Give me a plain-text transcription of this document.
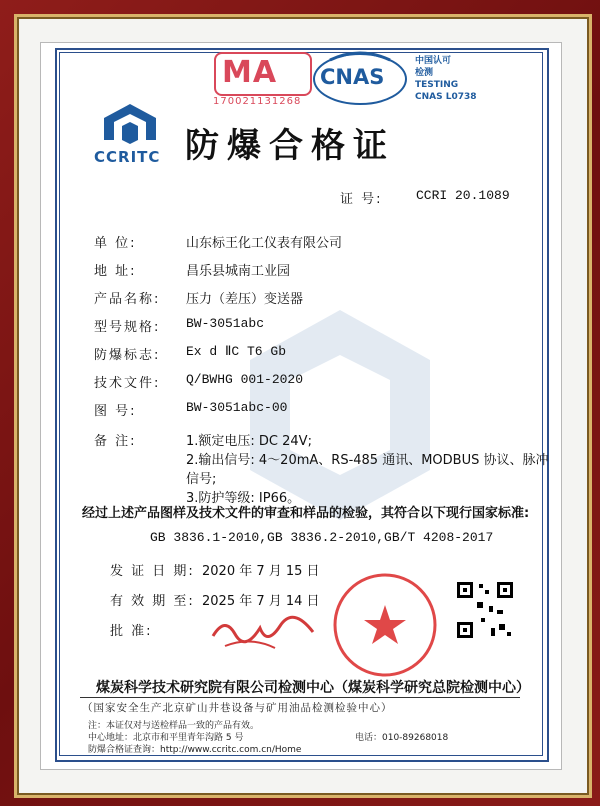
CCRITC
MA
170021131268
CNAS
中国认可
检测
TESTING
CNAS L0738
防爆合格证
证 号:	CCRI 20.1089
单 位:	山东标王化工仪表有限公司
地 址:	昌乐县城南工业园
产品名称: 压力（差压）变送器
型号规格: BW-3051abc
防爆标志: Ex d ⅡC T6 Gb
技术文件: Q/BWHG 001-2020
图 号:	BW-3051abc-00
备 注:	1.额定电压: DC 24V;
2.输出信号: 4～20mA、RS-485 通讯、MODBUS 协议、脉冲
信号;
3.防护等级: IP66。
经过上述产品图样及技术文件的审查和样品的检验，其符合以下现行国家标准:
GB 3836.1-2010,GB 3836.2-2010,GB/T 4208-2017
发 证 日 期: 2020 年 7 月 15 日
有 效 期 至: 2025 年 7 月 14 日
批 准:
煤炭科学技术研究院有限公司检测中心（煤炭科学研究总院检测中心）
（国家安全生产北京矿山井巷设备与矿用油品检测检验中心）
注：本证仅对与送检样品一致的产品有效。
中心地址：北京市和平里青年沟路 5 号
防爆合格证查询：http://www.ccritc.com.cn/Home
电话：010-89268018
